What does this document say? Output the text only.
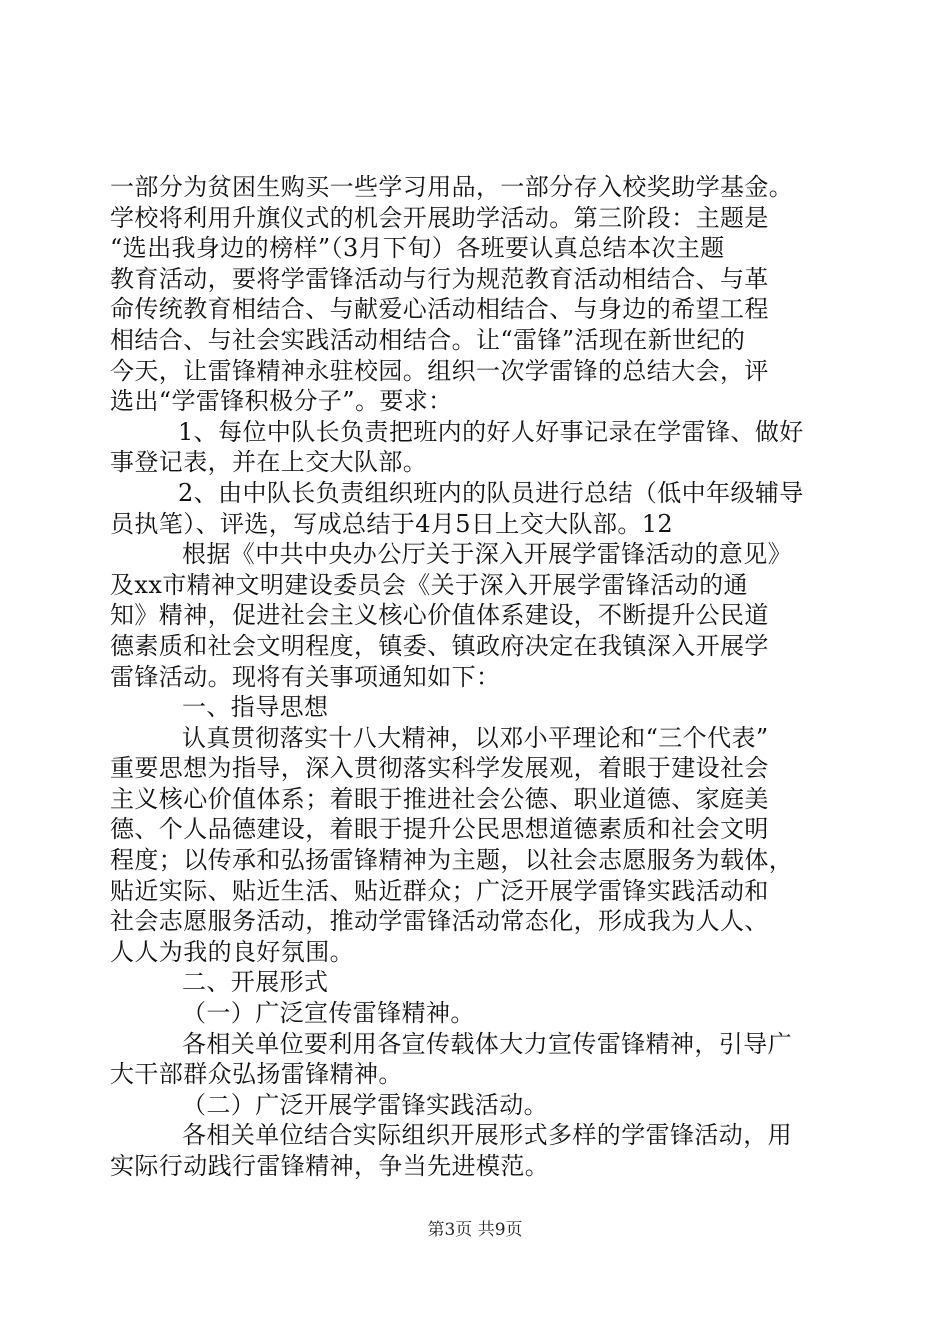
一部分为贫困生购买一些学习用品，一部分存入校奖助学基金。
学校将利用升旗仪式的机会开展助学活动。第三阶段：主题是
“选出我身边的榜样”（3月下旬）各班要认真总结本次主题
教育活动，要将学雷锋活动与行为规范教育活动相结合、与革
命传统教育相结合、与献爱心活动相结合、与身边的希望工程
相结合、与社会实践活动相结合。让“雷锋”活现在新世纪的
今天，让雷锋精神永驻校园。组织一次学雷锋的总结大会，评
选出“学雷锋积极分子”。要求：
1、每位中队长负责把班内的好人好事记录在学雷锋、做好
事登记表，并在上交大队部。
2、由中队长负责组织班内的队员进行总结（低中年级辅导
员执笔）、评选，写成总结于4月5日上交大队部。12
根据《中共中央办公厅关于深入开展学雷锋活动的意见》
及xx市精神文明建设委员会《关于深入开展学雷锋活动的通
知》精神，促进社会主义核心价值体系建设，不断提升公民道
德素质和社会文明程度，镇委、镇政府决定在我镇深入开展学
雷锋活动。现将有关事项通知如下：
一、指导思想
认真贯彻落实十八大精神，以邓小平理论和“三个代表”
重要思想为指导，深入贯彻落实科学发展观，着眼于建设社会
主义核心价值体系；着眼于推进社会公德、职业道德、家庭美
德、个人品德建设，着眼于提升公民思想道德素质和社会文明
程度；以传承和弘扬雷锋精神为主题，以社会志愿服务为载体，
贴近实际、贴近生活、贴近群众；广泛开展学雷锋实践活动和
社会志愿服务活动，推动学雷锋活动常态化，形成我为人人、
人人为我的良好氛围。
二、开展形式
（一）广泛宣传雷锋精神。
各相关单位要利用各宣传载体大力宣传雷锋精神，引导广
大干部群众弘扬雷锋精神。
（二）广泛开展学雷锋实践活动。
各相关单位结合实际组织开展形式多样的学雷锋活动，用
实际行动践行雷锋精神，争当先进模范。
第3页 共9页
